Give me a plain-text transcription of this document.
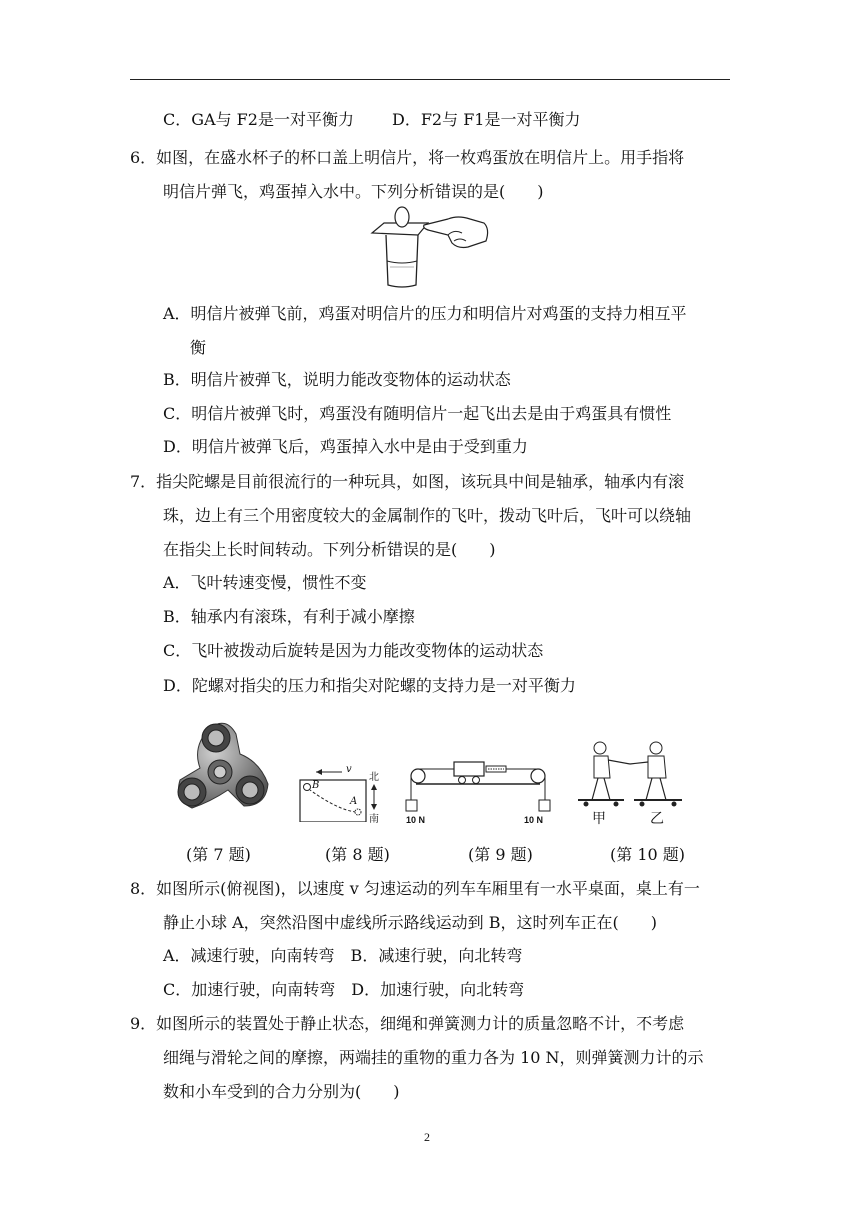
C．GA与 F2是一对平衡力 D．F2与 F1是一对平衡力
6．如图，在盛水杯子的杯口盖上明信片，将一枚鸡蛋放在明信片上。用手指将
明信片弹飞，鸡蛋掉入水中。下列分析错误的是(　　)
A．明信片被弹飞前，鸡蛋对明信片的压力和明信片对鸡蛋的支持力相互平
衡
B．明信片被弹飞，说明力能改变物体的运动状态
C．明信片被弹飞时，鸡蛋没有随明信片一起飞出去是由于鸡蛋具有惯性
D．明信片被弹飞后，鸡蛋掉入水中是由于受到重力
7．指尖陀螺是目前很流行的一种玩具，如图，该玩具中间是轴承，轴承内有滚
珠，边上有三个用密度较大的金属制作的飞叶，拨动飞叶后，飞叶可以绕轴
在指尖上长时间转动。下列分析错误的是(　　)
A．飞叶转速变慢，惯性不变
B．轴承内有滚珠，有利于减小摩擦
C．飞叶被拨动后旋转是因为力能改变物体的运动状态
D．陀螺对指尖的压力和指尖对陀螺的支持力是一对平衡力
v
B
A
北
南	10 N	10 N	甲	乙
(第 7 题)	(第 8 题)	(第 9 题)	(第 10 题)
8．如图所示(俯视图)，以速度 v 匀速运动的列车车厢里有一水平桌面，桌上有一
静止小球 A，突然沿图中虚线所示路线运动到 B，这时列车正在(　　)
A．减速行驶，向南转弯　B．减速行驶，向北转弯
C．加速行驶，向南转弯　D．加速行驶，向北转弯
9．如图所示的装置处于静止状态，细绳和弹簧测力计的质量忽略不计，不考虑
细绳与滑轮之间的摩擦，两端挂的重物的重力各为 10 N，则弹簧测力计的示
数和小车受到的合力分别为(　　)
2
